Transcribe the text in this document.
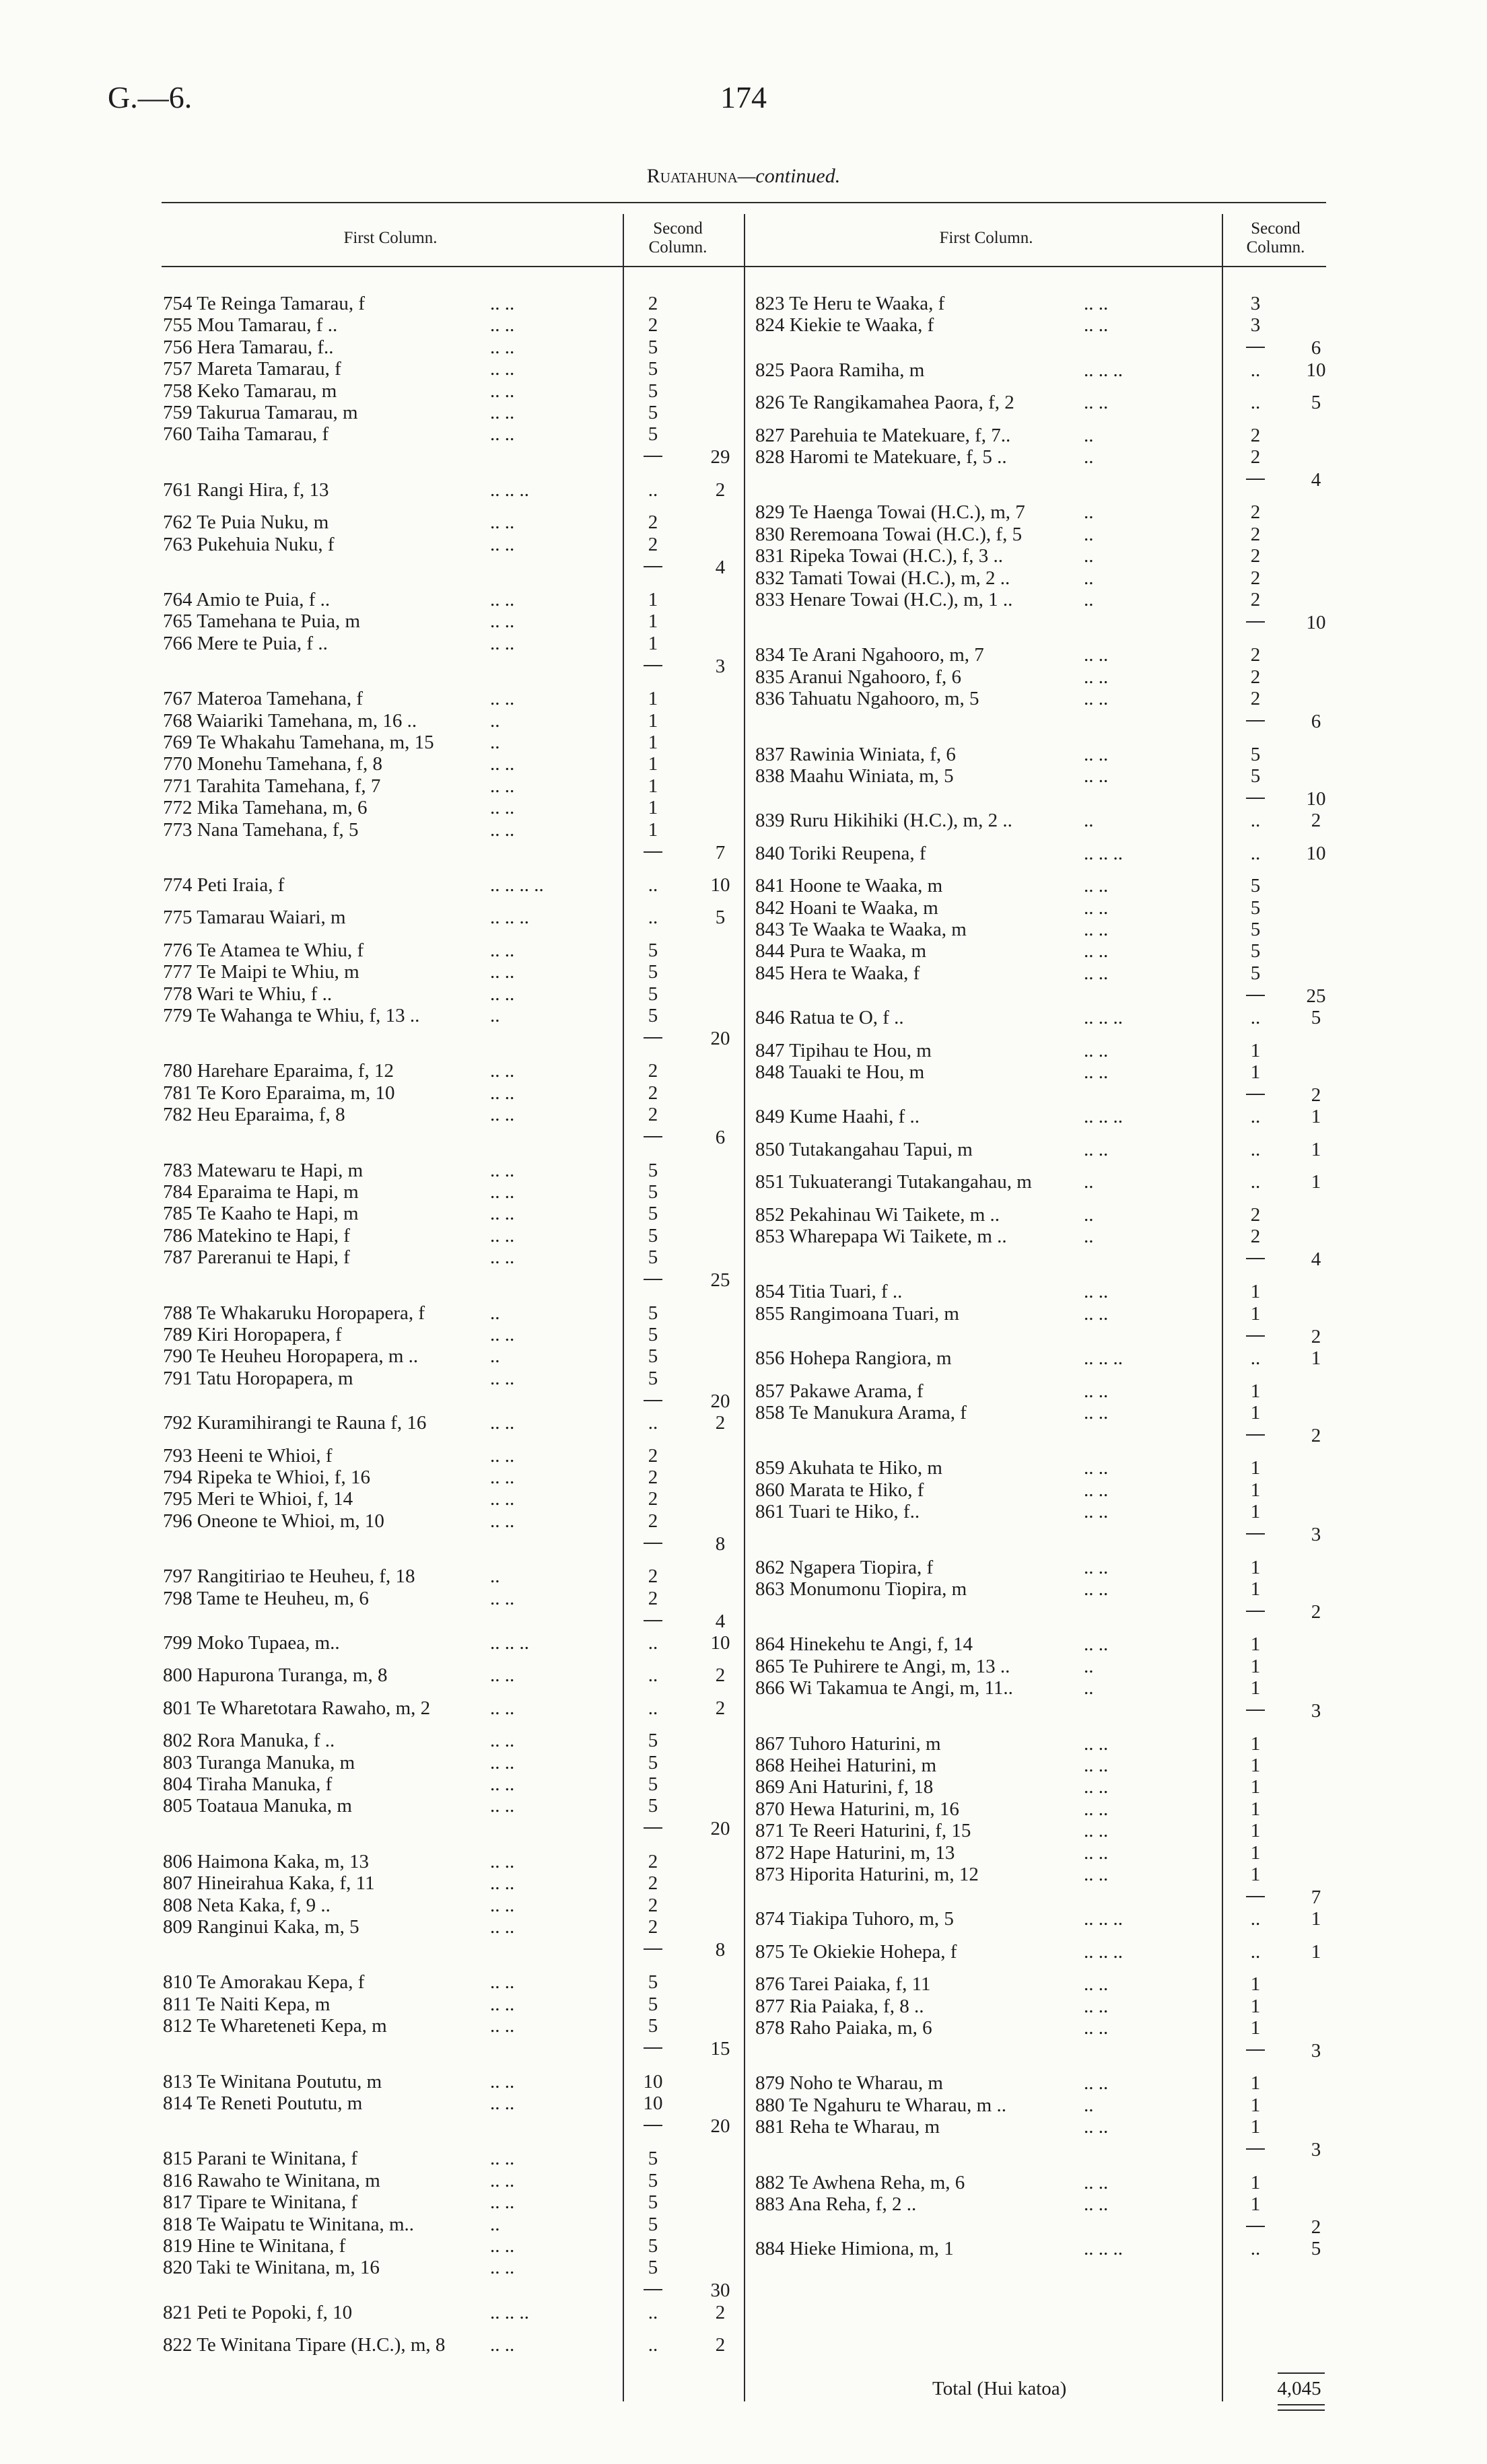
G.—6.	174
Ruatahuna—continued.
First Column.
Second Column.
First Column.
Second Column.
754 Te Reinga Tamarau, f	.. ..	2
755 Mou Tamarau, f ..	.. ..	2
756 Hera Tamarau, f..	.. ..	5
757 Mareta Tamarau, f	.. ..	5
758 Keko Tamarau, m	.. ..	5
759 Takurua Tamarau, m	.. ..	5
760 Taiha Tamarau, f	.. ..	5
29
761 Rangi Hira, f, 13	.. .. ..	..	2
762 Te Puia Nuku, m	.. ..	2
763 Pukehuia Nuku, f	.. ..	2
4
764 Amio te Puia, f ..	.. ..	1
765 Tamehana te Puia, m	.. ..	1
766 Mere te Puia, f ..	.. ..	1
3
767 Materoa Tamehana, f	.. ..	1
768 Waiariki Tamehana, m, 16 ..	..	1
769 Te Whakahu Tamehana, m, 15	..	1
770 Monehu Tamehana, f, 8	.. ..	1
771 Tarahita Tamehana, f, 7	.. ..	1
772 Mika Tamehana, m, 6	.. ..	1
773 Nana Tamehana, f, 5	.. ..	1
7
774 Peti Iraia, f	.. .. .. ..	..	10
775 Tamarau Waiari, m	.. .. ..	..	5
776 Te Atamea te Whiu, f	.. ..	5
777 Te Maipi te Whiu, m	.. ..	5
778 Wari te Whiu, f ..	.. ..	5
779 Te Wahanga te Whiu, f, 13 ..	..	5
20
780 Harehare Eparaima, f, 12	.. ..	2
781 Te Koro Eparaima, m, 10	.. ..	2
782 Heu Eparaima, f, 8	.. ..	2
6
783 Matewaru te Hapi, m	.. ..	5
784 Eparaima te Hapi, m	.. ..	5
785 Te Kaaho te Hapi, m	.. ..	5
786 Matekino te Hapi, f	.. ..	5
787 Pareranui te Hapi, f	.. ..	5
25
788 Te Whakaruku Horopapera, f	..	5
789 Kiri Horopapera, f	.. ..	5
790 Te Heuheu Horopapera, m ..	..	5
791 Tatu Horopapera, m	.. ..	5
20
792 Kuramihirangi te Rauna f, 16	.. ..	..	2
793 Heeni te Whioi, f	.. ..	2
794 Ripeka te Whioi, f, 16	.. ..	2
795 Meri te Whioi, f, 14	.. ..	2
796 Oneone te Whioi, m, 10	.. ..	2
8
797 Rangitiriao te Heuheu, f, 18	..	2
798 Tame te Heuheu, m, 6	.. ..	2
4
799 Moko Tupaea, m..	.. .. ..	..	10
800 Hapurona Turanga, m, 8	.. ..	..	2
801 Te Wharetotara Rawaho, m, 2	.. ..	..	2
802 Rora Manuka, f ..	.. ..	5
803 Turanga Manuka, m	.. ..	5
804 Tiraha Manuka, f	.. ..	5
805 Toataua Manuka, m	.. ..	5
20
806 Haimona Kaka, m, 13	.. ..	2
807 Hineirahua Kaka, f, 11	.. ..	2
808 Neta Kaka, f, 9 ..	.. ..	2
809 Ranginui Kaka, m, 5	.. ..	2
8
810 Te Amorakau Kepa, f	.. ..	5
811 Te Naiti Kepa, m	.. ..	5
812 Te Whareteneti Kepa, m	.. ..	5
15
813 Te Winitana Poututu, m	.. ..	10
814 Te Reneti Poututu, m	.. ..	10
20
815 Parani te Winitana, f	.. ..	5
816 Rawaho te Winitana, m	.. ..	5
817 Tipare te Winitana, f	.. ..	5
818 Te Waipatu te Winitana, m..	..	5
819 Hine te Winitana, f	.. ..	5
820 Taki te Winitana, m, 16	.. ..	5
30
821 Peti te Popoki, f, 10	.. .. ..	..	2
822 Te Winitana Tipare (H.C.), m, 8 .. ..	..	2
823 Te Heru te Waaka, f	.. ..	3
824 Kiekie te Waaka, f	.. ..	3
6
825 Paora Ramiha, m	.. .. ..	..	10
826 Te Rangikamahea Paora, f, 2	.. ..	..	5
827 Parehuia te Matekuare, f, 7..	..	2
828 Haromi te Matekuare, f, 5 ..	..	2
4
829 Te Haenga Towai (H.C.), m, 7	..	2
830 Reremoana Towai (H.C.), f, 5	..	2
831 Ripeka Towai (H.C.), f, 3 ..	..	2
832 Tamati Towai (H.C.), m, 2 ..	..	2
833 Henare Towai (H.C.), m, 1 ..	..	2
10
834 Te Arani Ngahooro, m, 7	.. ..	2
835 Aranui Ngahooro, f, 6	.. ..	2
836 Tahuatu Ngahooro, m, 5	.. ..	2
6
837 Rawinia Winiata, f, 6	.. ..	5
838 Maahu Winiata, m, 5	.. ..	5
10
839 Ruru Hikihiki (H.C.), m, 2 ..	..	..	2
840 Toriki Reupena, f	.. .. ..	..	10
841 Hoone te Waaka, m	.. ..	5
842 Hoani te Waaka, m	.. ..	5
843 Te Waaka te Waaka, m	.. ..	5
844 Pura te Waaka, m	.. ..	5
845 Hera te Waaka, f	.. ..	5
25
846 Ratua te O, f ..	.. .. ..	..	5
847 Tipihau te Hou, m	.. ..	1
848 Tauaki te Hou, m	.. ..	1
2
849 Kume Haahi, f ..	.. .. ..	..	1
850 Tutakangahau Tapui, m	.. ..	..	1
851 Tukuaterangi Tutakangahau, m	..	..	1
852 Pekahinau Wi Taikete, m ..	..	2
853 Wharepapa Wi Taikete, m ..	..	2
4
854 Titia Tuari, f ..	.. ..	1
855 Rangimoana Tuari, m	.. ..	1
2
856 Hohepa Rangiora, m	.. .. ..	..	1
857 Pakawe Arama, f	.. ..	1
858 Te Manukura Arama, f	.. ..	1
2
859 Akuhata te Hiko, m	.. ..	1
860 Marata te Hiko, f	.. ..	1
861 Tuari te Hiko, f..	.. ..	1
3
862 Ngapera Tiopira, f	.. ..	1
863 Monumonu Tiopira, m	.. ..	1
2
864 Hinekehu te Angi, f, 14	.. ..	1
865 Te Puhirere te Angi, m, 13 ..	..	1
866 Wi Takamua te Angi, m, 11..	..	1
3
867 Tuhoro Haturini, m	.. ..	1
868 Heihei Haturini, m	.. ..	1
869 Ani Haturini, f, 18	.. ..	1
870 Hewa Haturini, m, 16	.. ..	1
871 Te Reeri Haturini, f, 15	.. ..	1
872 Hape Haturini, m, 13	.. ..	1
873 Hiporita Haturini, m, 12	.. ..	1
7
874 Tiakipa Tuhoro, m, 5	.. .. ..	..	1
875 Te Okiekie Hohepa, f	.. .. ..	..	1
876 Tarei Paiaka, f, 11	.. ..	1
877 Ria Paiaka, f, 8 ..	.. ..	1
878 Raho Paiaka, m, 6	.. ..	1
3
879 Noho te Wharau, m	.. ..	1
880 Te Ngahuru te Wharau, m ..	..	1
881 Reha te Wharau, m	.. ..	1
3
882 Te Awhena Reha, m, 6	.. ..	1
883 Ana Reha, f, 2 ..	.. ..	1
2
884 Hieke Himiona, m, 1	.. .. ..	..	5
Total (Hui katoa)	4,045
